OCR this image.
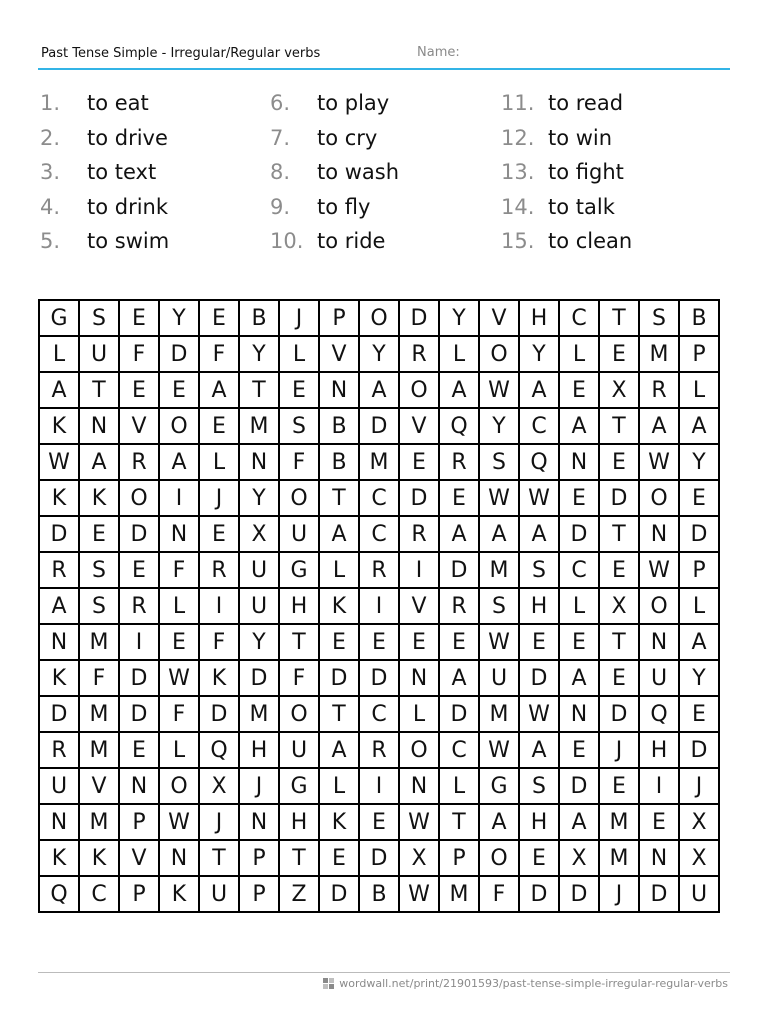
Past Tense Simple - Irregular/Regular verbs	Name:
1. to eat
2. to drive
3. to text
4. to drink
5. to swim
6. to play
7. to cry
8. to wash
9. to fly
10. to ride
11. to read
12. to win
13. to fight
14. to talk
15. to clean
G	S	E	Y	E	B	J	P	O	D	Y	V	H	C	T	S	B
L	U	F	D	F	Y	L	V	Y	R	L	O	Y	L	E	M	P
A	T	E	E	A	T	E	N	A	O	A	W	A	E	X	R	L
K	N	V	O	E	M	S	B	D	V	Q	Y	C	A	T	A	A
W	A	R	A	L	N	F	B	M	E	R	S	Q	N	E	W	Y
K	K	O	I	J	Y	O	T	C	D	E	W	W	E	D	O	E
D	E	D	N	E	X	U	A	C	R	A	A	A	D	T	N	D
R	S	E	F	R	U	G	L	R	I	D	M	S	C	E	W	P
A	S	R	L	I	U	H	K	I	V	R	S	H	L	X	O	L
N	M	I	E	F	Y	T	E	E	E	E	W	E	E	T	N	A
K	F	D	W	K	D	F	D	D	N	A	U	D	A	E	U	Y
D	M	D	F	D	M	O	T	C	L	D	M	W	N	D	Q	E
R	M	E	L	Q	H	U	A	R	O	C	W	A	E	J	H	D
U	V	N	O	X	J	G	L	I	N	L	G	S	D	E	I	J
N	M	P	W	J	N	H	K	E	W	T	A	H	A	M	E	X
K	K	V	N	T	P	T	E	D	X	P	O	E	X	M	N	X
Q	C	P	K	U	P	Z	D	B	W	M	F	D	D	J	D	U
wordwall.net/print/21901593/past-tense-simple-irregular-regular-verbs
